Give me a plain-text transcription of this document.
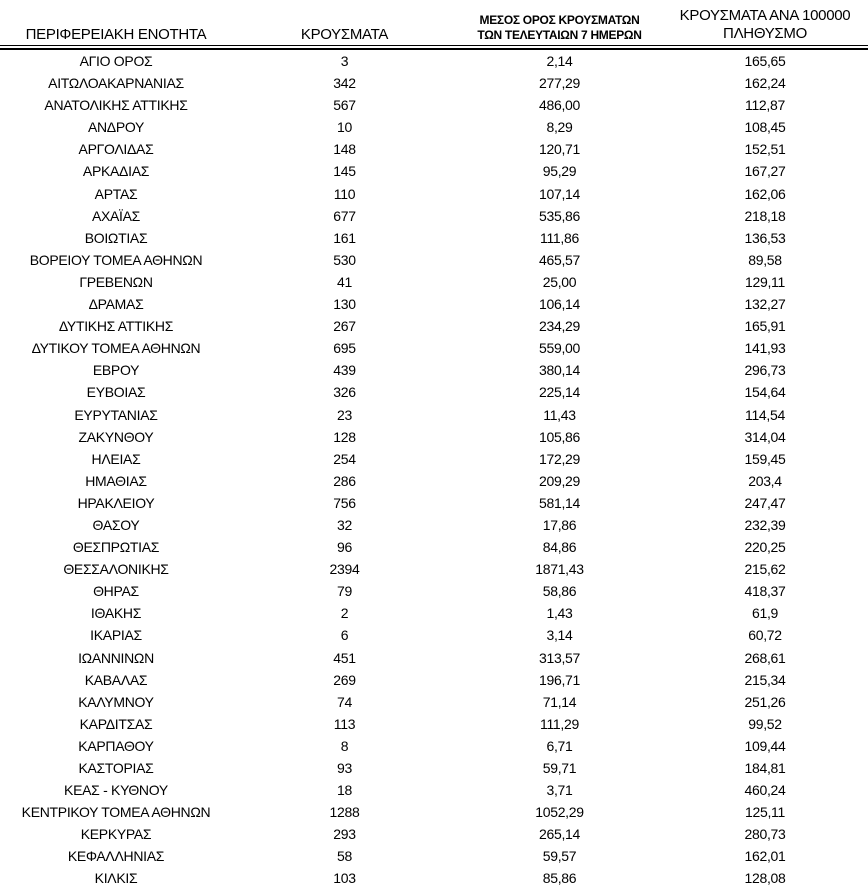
ΠΕΡΙΦΕΡΕΙΑΚΗ ΕΝΟΤΗΤΑ	ΚΡΟΥΣΜΑΤΑ	ΜΕΣΟΣ ΟΡΟΣ ΚΡΟΥΣΜΑΤΩΝ
ΤΩΝ ΤΕΛΕΥΤΑΙΩΝ 7 ΗΜΕΡΩΝ	ΚΡΟΥΣΜΑΤΑ ΑΝΑ 100000
ΠΛΗΘΥΣΜΟ

ΑΓΙΟ ΟΡΟΣ	3	2,14	165,65
ΑΙΤΩΛΟΑΚΑΡΝΑΝΙΑΣ	342	277,29	162,24
ΑΝΑΤΟΛΙΚΗΣ ΑΤΤΙΚΗΣ	567	486,00	112,87
ΑΝΔΡΟΥ	10	8,29	108,45
ΑΡΓΟΛΙΔΑΣ	148	120,71	152,51
ΑΡΚΑΔΙΑΣ	145	95,29	167,27
ΑΡΤΑΣ	110	107,14	162,06
ΑΧΑΪΑΣ	677	535,86	218,18
ΒΟΙΩΤΙΑΣ	161	111,86	136,53
ΒΟΡΕΙΟΥ ΤΟΜΕΑ ΑΘΗΝΩΝ	530	465,57	89,58
ΓΡΕΒΕΝΩΝ	41	25,00	129,11
ΔΡΑΜΑΣ	130	106,14	132,27
ΔΥΤΙΚΗΣ ΑΤΤΙΚΗΣ	267	234,29	165,91
ΔΥΤΙΚΟΥ ΤΟΜΕΑ ΑΘΗΝΩΝ	695	559,00	141,93
ΕΒΡΟΥ	439	380,14	296,73
ΕΥΒΟΙΑΣ	326	225,14	154,64
ΕΥΡΥΤΑΝΙΑΣ	23	11,43	114,54
ΖΑΚΥΝΘΟΥ	128	105,86	314,04
ΗΛΕΙΑΣ	254	172,29	159,45
ΗΜΑΘΙΑΣ	286	209,29	203,4
ΗΡΑΚΛΕΙΟΥ	756	581,14	247,47
ΘΑΣΟΥ	32	17,86	232,39
ΘΕΣΠΡΩΤΙΑΣ	96	84,86	220,25
ΘΕΣΣΑΛΟΝΙΚΗΣ	2394	1871,43	215,62
ΘΗΡΑΣ	79	58,86	418,37
ΙΘΑΚΗΣ	2	1,43	61,9
ΙΚΑΡΙΑΣ	6	3,14	60,72
ΙΩΑΝΝΙΝΩΝ	451	313,57	268,61
ΚΑΒΑΛΑΣ	269	196,71	215,34
ΚΑΛΥΜΝΟΥ	74	71,14	251,26
ΚΑΡΔΙΤΣΑΣ	113	111,29	99,52
ΚΑΡΠΑΘΟΥ	8	6,71	109,44
ΚΑΣΤΟΡΙΑΣ	93	59,71	184,81
ΚΕΑΣ - ΚΥΘΝΟΥ	18	3,71	460,24
ΚΕΝΤΡΙΚΟΥ ΤΟΜΕΑ ΑΘΗΝΩΝ	1288	1052,29	125,11
ΚΕΡΚΥΡΑΣ	293	265,14	280,73
ΚΕΦΑΛΛΗΝΙΑΣ	58	59,57	162,01
ΚΙΛΚΙΣ	103	85,86	128,08
